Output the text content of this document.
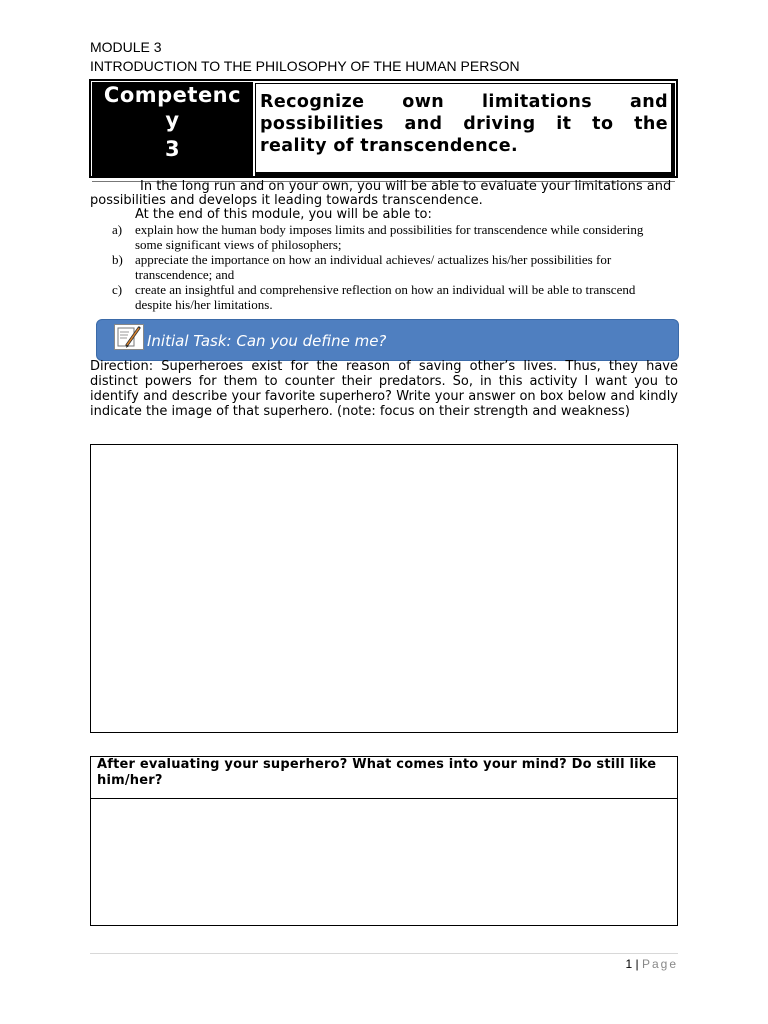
MODULE 3
INTRODUCTION TO THE PHILOSOPHY OF THE HUMAN PERSON
Competenc
y

3
Recognize own limitations and possibilities and driving it to the reality of transcendence.
In the long run and on your own, you will be able to evaluate your limitations and possibilities and develops it leading towards transcendence.
At the end of this module, you will be able to:
a) explain how the human body imposes limits and possibilities for transcendence while considering some significant views of philosophers;
b) appreciate the importance on how an individual achieves/ actualizes his/her possibilities for transcendence; and
c) create an insightful and comprehensive reflection on how an individual will be able to transcend despite his/her limitations.
Initial Task: Can you define me?
Direction: Superheroes exist for the reason of saving other’s lives. Thus, they have distinct powers for them to counter their predators. So, in this activity I want you to identify and describe your favorite superhero? Write your answer on box below and kindly indicate the image of that superhero. (note: focus on their strength and weakness)
After evaluating your superhero? What comes into your mind? Do still like him/her?
1 | Page
